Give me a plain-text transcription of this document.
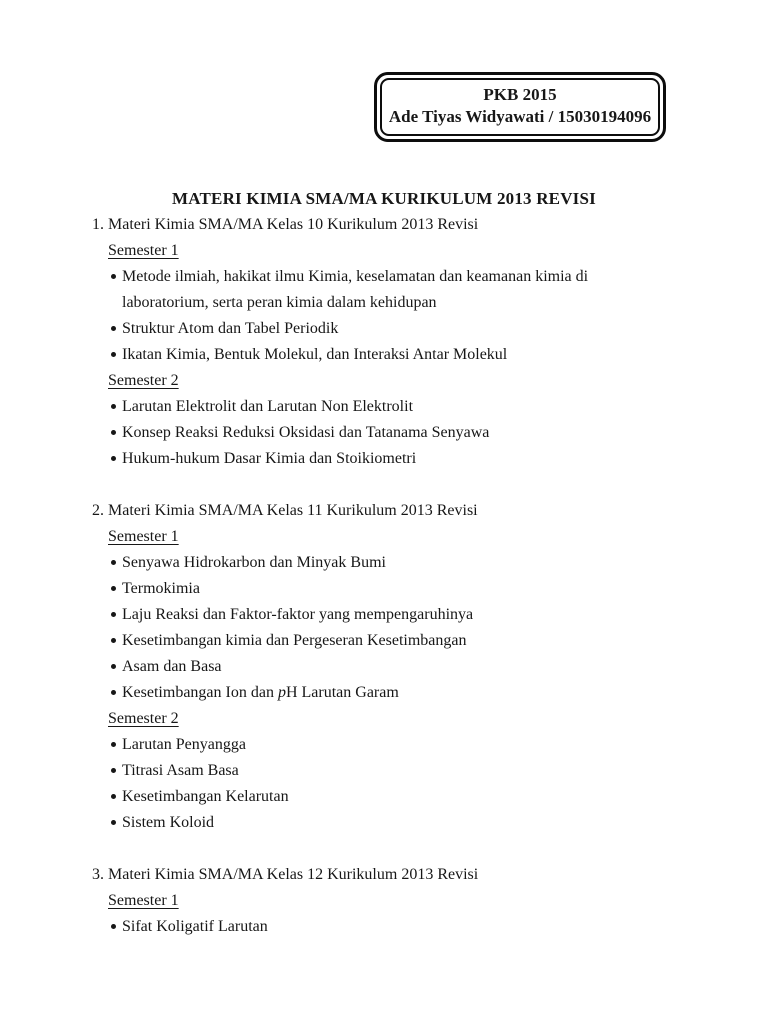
PKB 2015
Ade Tiyas Widyawati / 15030194096
MATERI KIMIA SMA/MA KURIKULUM 2013 REVISI
1. Materi Kimia SMA/MA Kelas 10 Kurikulum 2013 Revisi
Semester 1
Metode ilmiah, hakikat ilmu Kimia, keselamatan dan keamanan kimia di laboratorium, serta peran kimia dalam kehidupan
Struktur Atom dan Tabel Periodik
Ikatan Kimia, Bentuk Molekul, dan Interaksi Antar Molekul
Semester 2
Larutan Elektrolit dan Larutan Non Elektrolit
Konsep Reaksi Reduksi Oksidasi dan Tatanama Senyawa
Hukum-hukum Dasar Kimia dan Stoikiometri
2. Materi Kimia SMA/MA Kelas 11 Kurikulum 2013 Revisi
Semester 1
Senyawa Hidrokarbon dan Minyak Bumi
Termokimia
Laju Reaksi dan Faktor-faktor yang mempengaruhinya
Kesetimbangan kimia dan Pergeseran Kesetimbangan
Asam dan Basa
Kesetimbangan Ion dan pH Larutan Garam
Semester 2
Larutan Penyangga
Titrasi Asam Basa
Kesetimbangan Kelarutan
Sistem Koloid
3. Materi Kimia SMA/MA Kelas 12 Kurikulum 2013 Revisi
Semester 1
Sifat Koligatif Larutan
